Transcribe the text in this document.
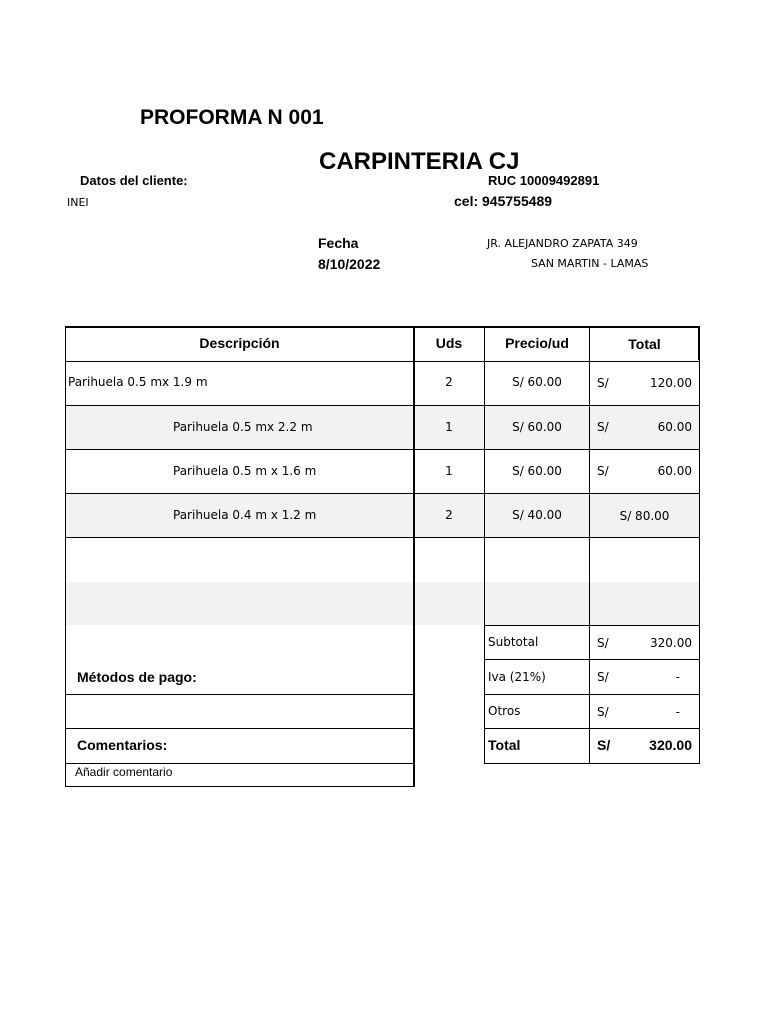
PROFORMA N 001
CARPINTERIA CJ
Datos del cliente:
INEI
RUC 10009492891
cel: 945755489
Fecha
8/10/2022
JR. ALEJANDRO ZAPATA 349
SAN MARTIN - LAMAS
Descripción	Uds	Precio/ud	Total
Parihuela 0.5 mx 1.9 m	2	S/ 60.00	S/	120.00
Parihuela 0.5 mx 2.2 m	1	S/ 60.00	S/	60.00
Parihuela 0.5 m x 1.6 m	1	S/ 60.00	S/	60.00
Parihuela 0.4 m x 1.2 m	2	S/ 40.00	S/ 80.00
Subtotal	S/	320.00
Iva (21%)	S/	-
Otros	S/	-
Total	S/	320.00
Métodos de pago:
Comentarios:
Añadir comentario
